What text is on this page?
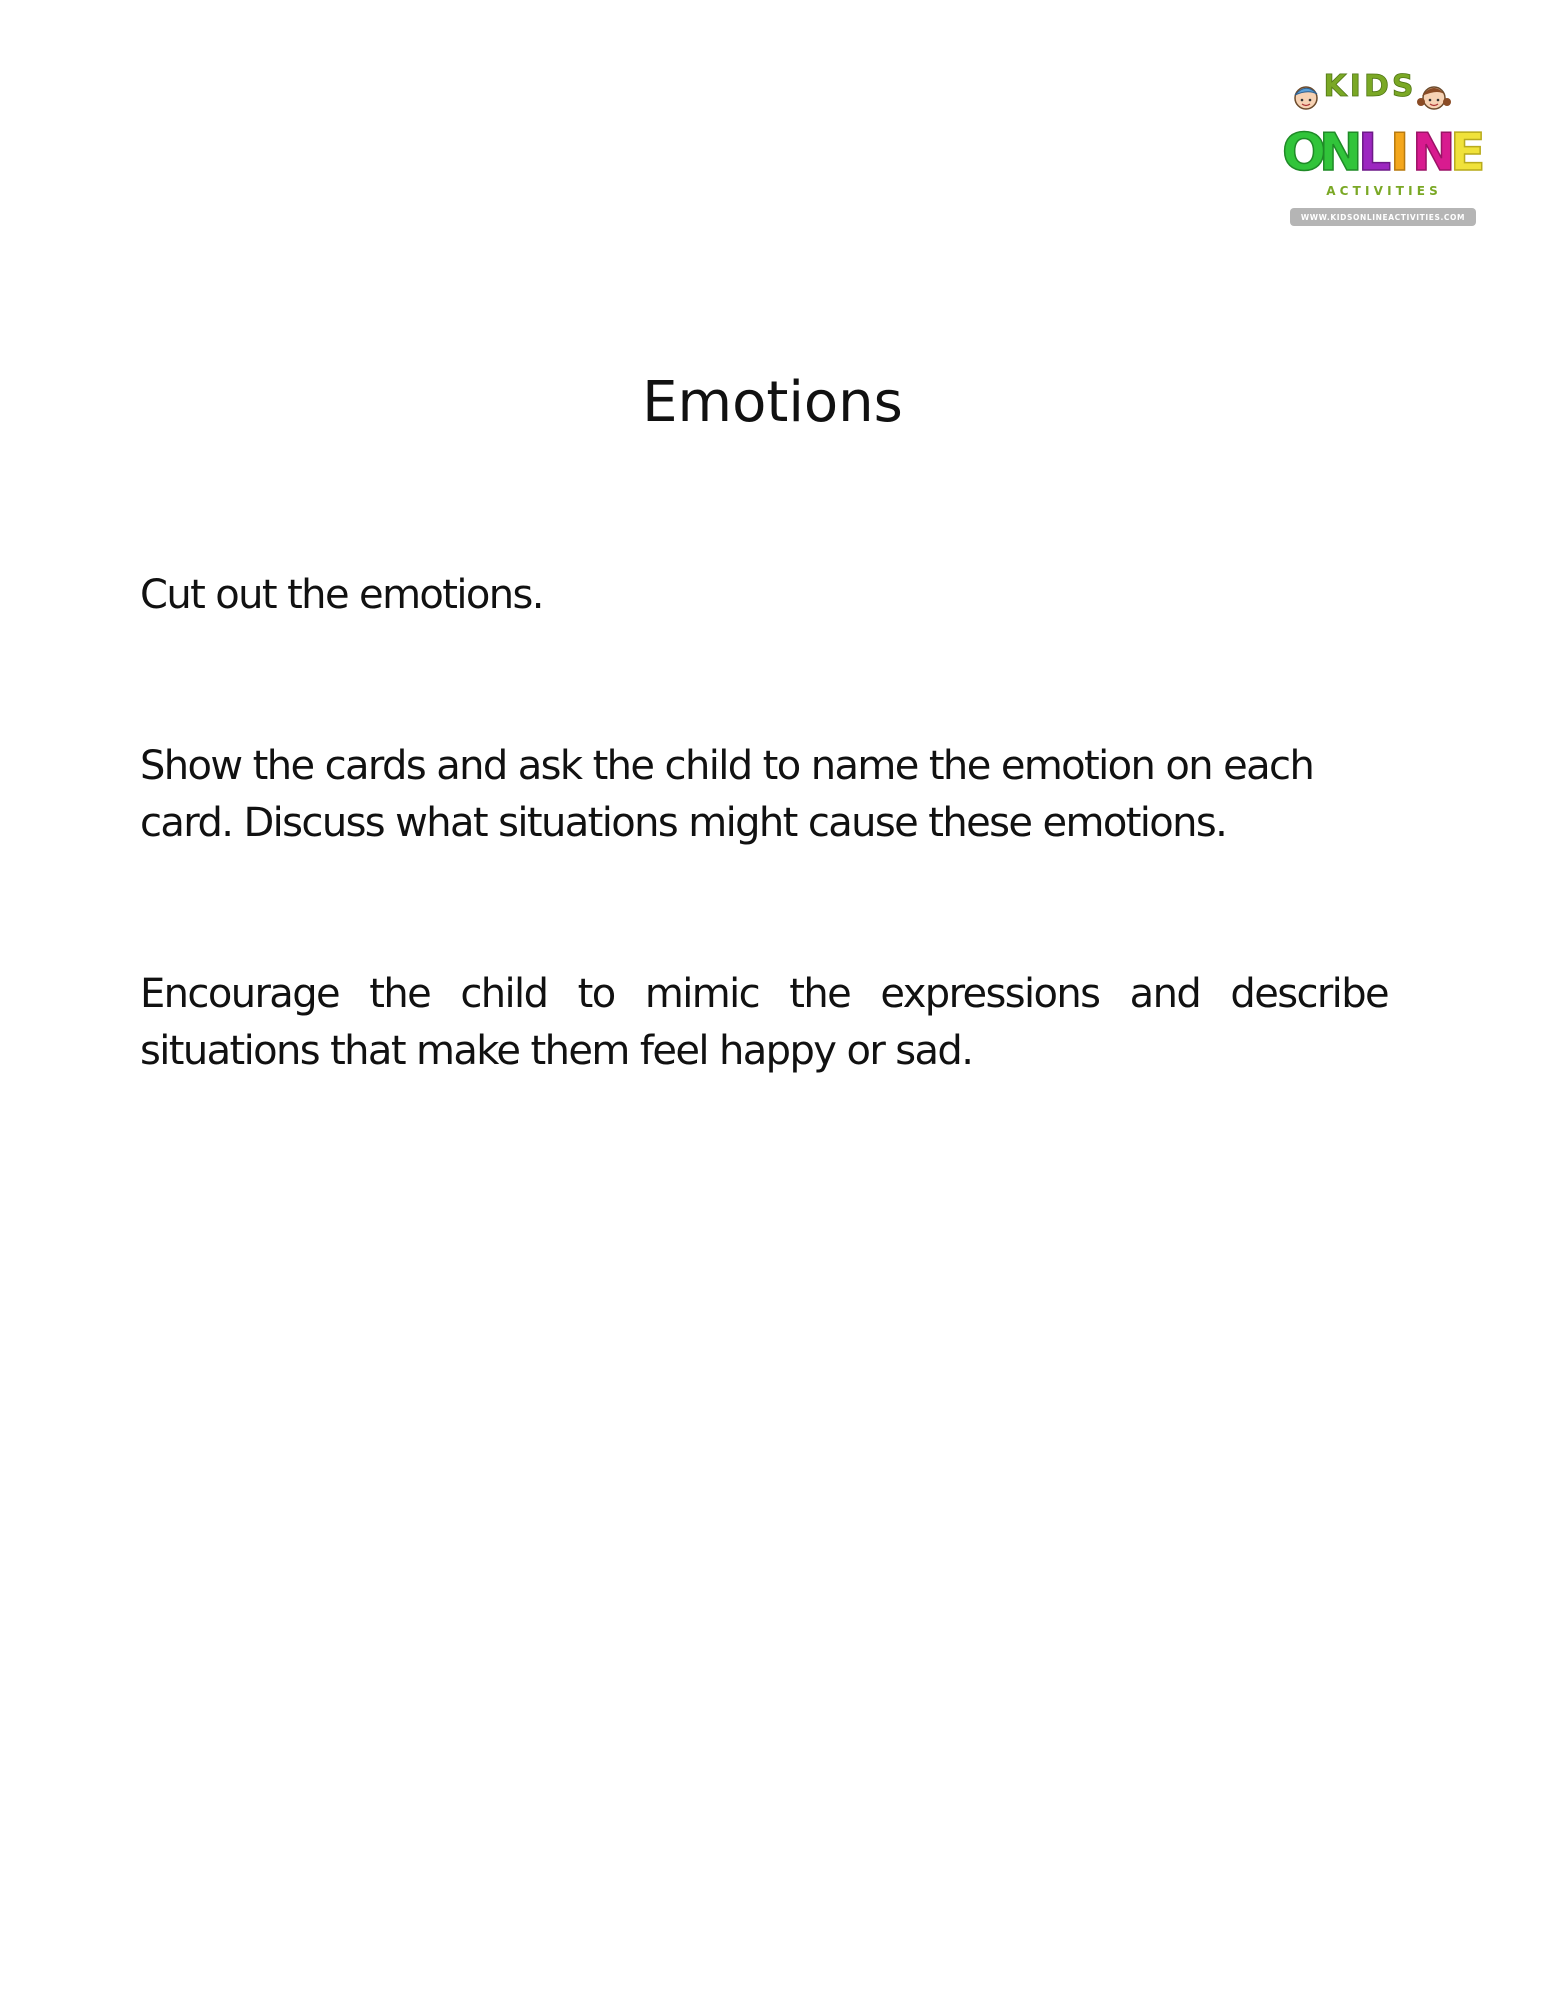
KIDS
O
N
L
I N
E
A C T I V I T I E S
WWW.KIDSONLINEACTIVITIES.COM
Emotions

Cut out the emotions.

Show the cards and ask the child to name the emotion on each card. Discuss what situations might cause these emotions.

Encourage the child to mimic the expressions and describe situations that make them feel happy or sad.
